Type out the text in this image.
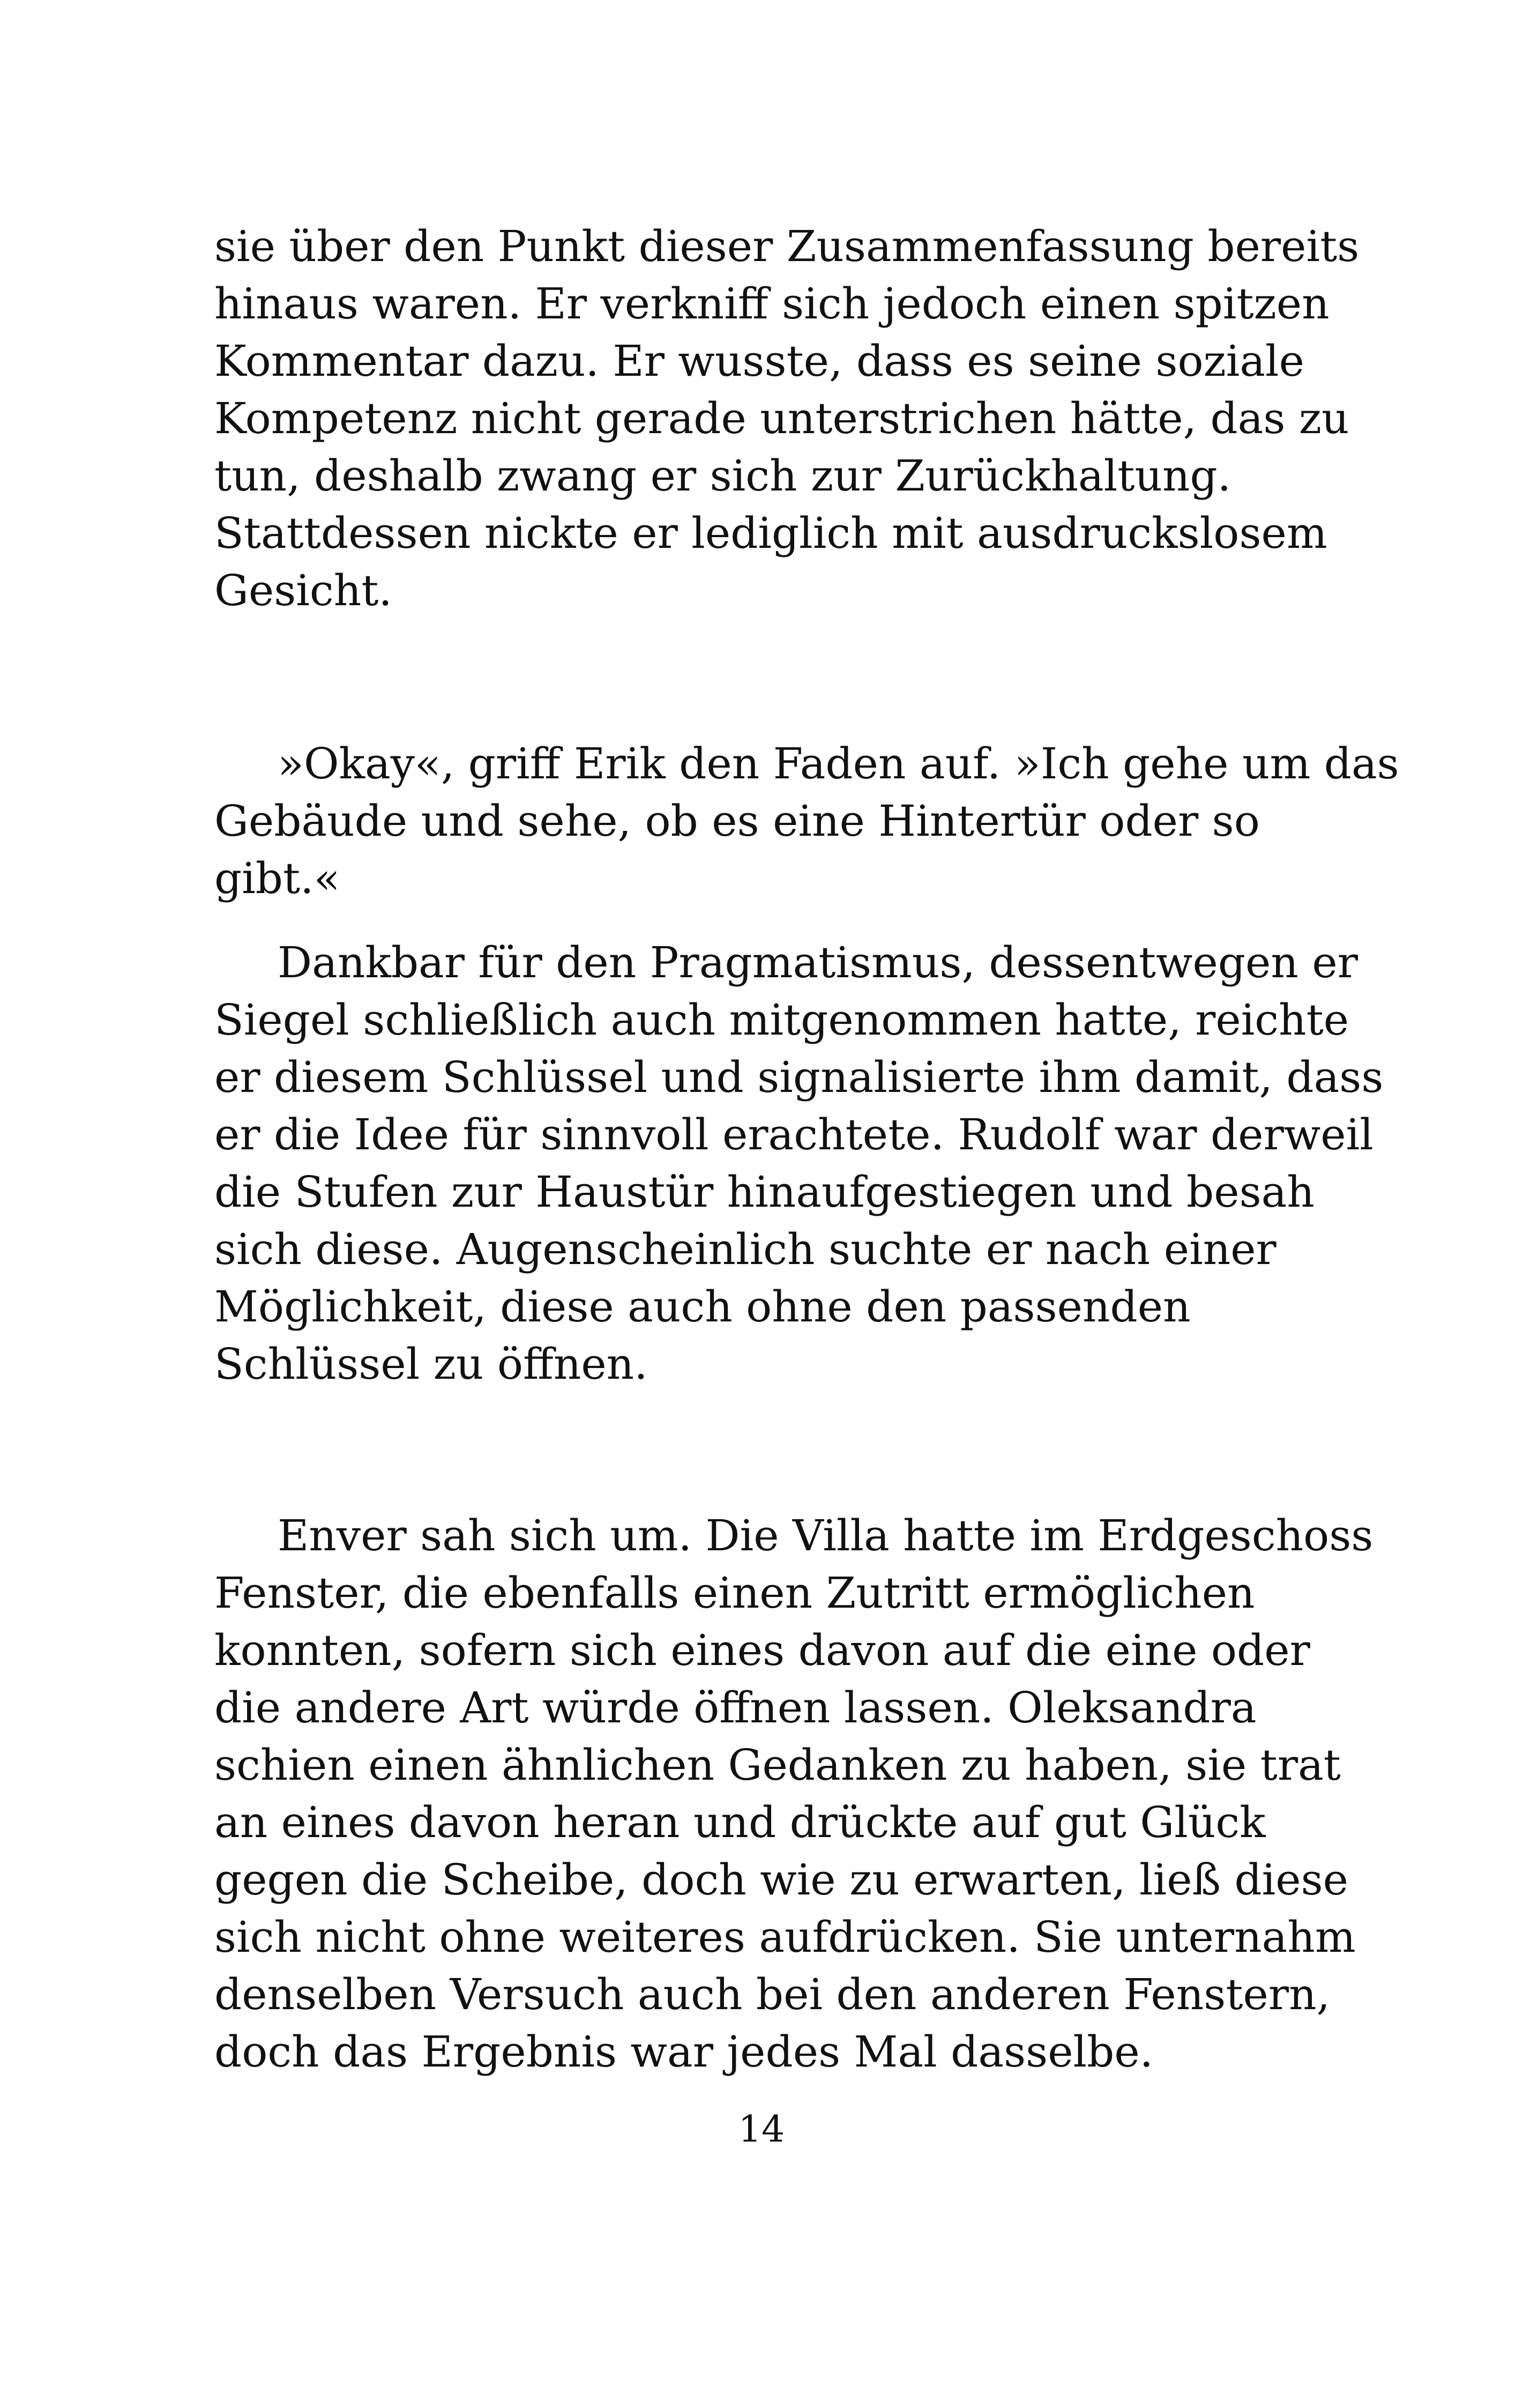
sie über den Punkt dieser Zusammenfassung bereits
hinaus waren. Er verkniff sich jedoch einen spitzen
Kommentar dazu. Er wusste, dass es seine soziale
Kompetenz nicht gerade unterstrichen hätte, das zu
tun, deshalb zwang er sich zur Zurückhaltung.
Stattdessen nickte er lediglich mit ausdruckslosem
Gesicht.

»Okay«, griff Erik den Faden auf. »Ich gehe um das
Gebäude und sehe, ob es eine Hintertür oder so
gibt.«

Dankbar für den Pragmatismus, dessentwegen er
Siegel schließlich auch mitgenommen hatte, reichte
er diesem Schlüssel und signalisierte ihm damit, dass
er die Idee für sinnvoll erachtete. Rudolf war derweil
die Stufen zur Haustür hinaufgestiegen und besah
sich diese. Augenscheinlich suchte er nach einer
Möglichkeit, diese auch ohne den passenden
Schlüssel zu öffnen.

Enver sah sich um. Die Villa hatte im Erdgeschoss
Fenster, die ebenfalls einen Zutritt ermöglichen
konnten, sofern sich eines davon auf die eine oder
die andere Art würde öffnen lassen. Oleksandra
schien einen ähnlichen Gedanken zu haben, sie trat
an eines davon heran und drückte auf gut Glück
gegen die Scheibe, doch wie zu erwarten, ließ diese
sich nicht ohne weiteres aufdrücken. Sie unternahm
denselben Versuch auch bei den anderen Fenstern,
doch das Ergebnis war jedes Mal dasselbe.

14
